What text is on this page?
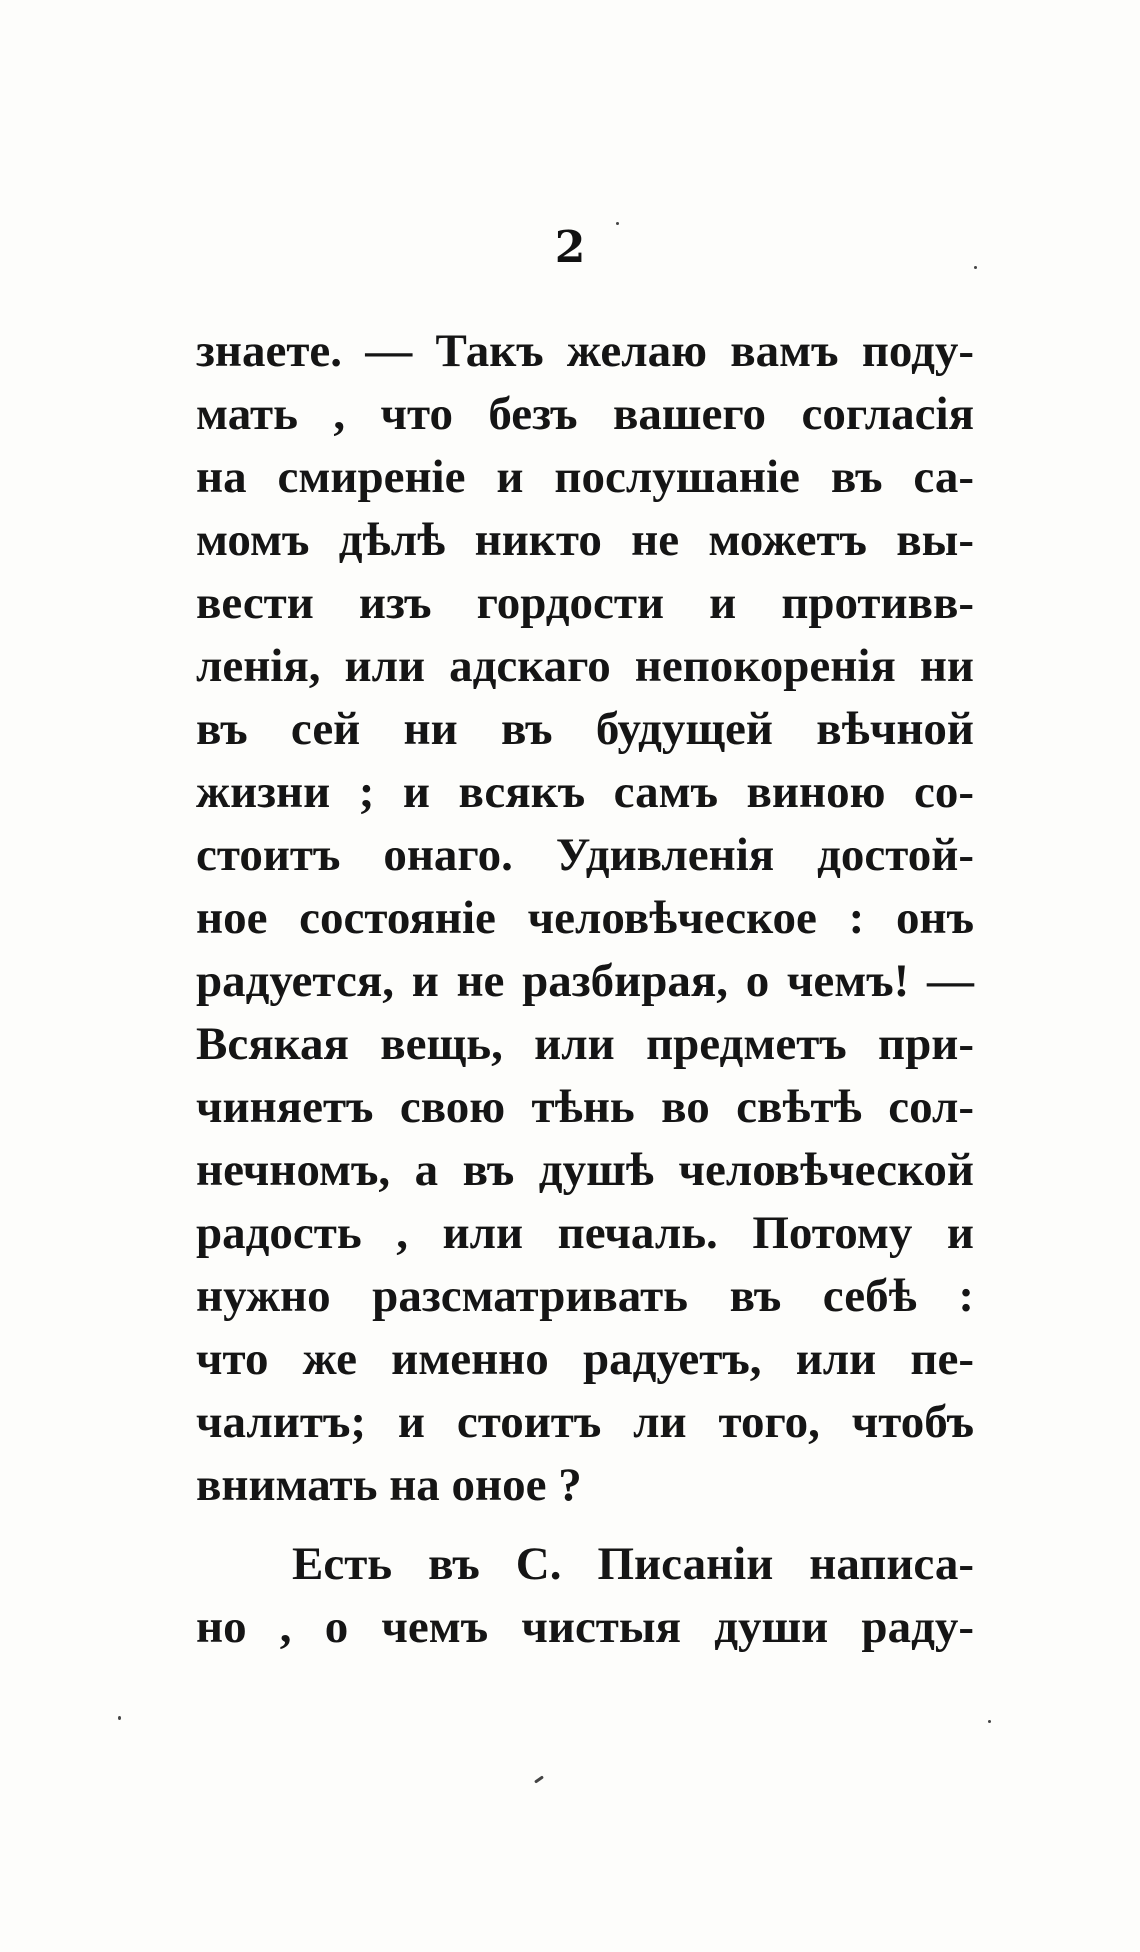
2
знаете. — Такъ желаю вамъ поду-
мать , что безъ вашего согласія
на смиреніе и послушаніе въ са-
момъ дѣлѣ никто не можетъ вы-
вести изъ гордости и противв-
ленія, или адскаго непокоренія ни
въ сей ни въ будущей вѣчной
жизни ; и всякъ самъ виною со-
стоитъ онаго. Удивленія достой-
ное состояніе человѣческое : онъ
радуется, и не разбирая, о чемъ! —
Всякая вещь, или предметъ при-
чиняетъ свою тѣнь во свѣтѣ сол-
нечномъ, а въ душѣ человѣческой
радость , или печаль. Потому и
нужно разсматривать въ себѣ :
что же именно радуетъ, или пе-
чалитъ; и стоитъ ли того, чтобъ
внимать на оное ?
Есть въ С. Писаніи написа-
но , о чемъ чистыя души раду-
